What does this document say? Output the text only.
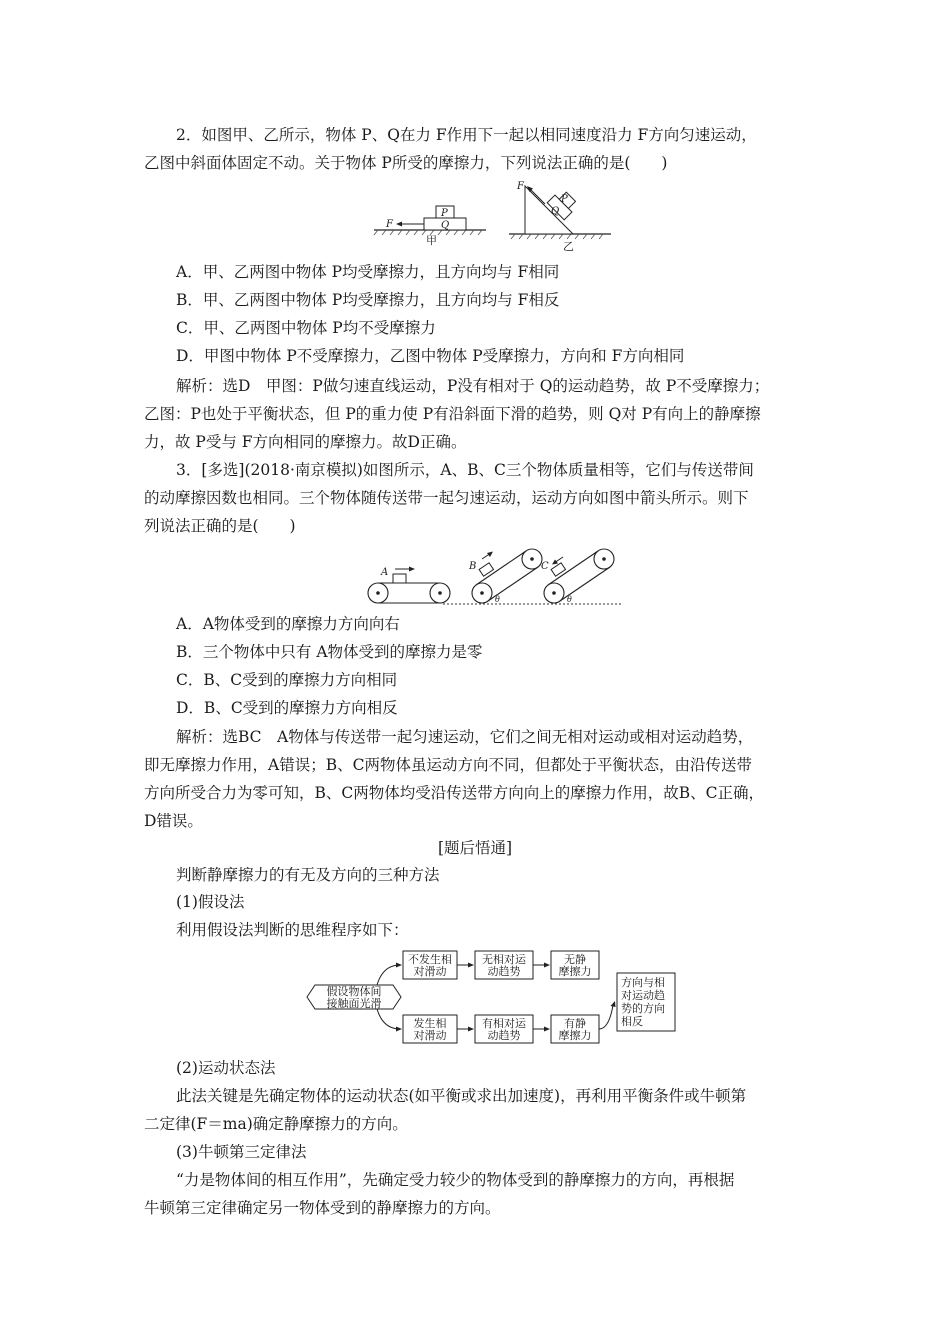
2．如图甲、乙所示，物体 P、Q在力 F作用下一起以相同速度沿力 F方向匀速运动，
乙图中斜面体固定不动。关于物体 P所受的摩擦力，下列说法正确的是(　　)
P
Q
F
甲
F
P
Q
乙
A．甲、乙两图中物体 P均受摩擦力，且方向均与 F相同
B．甲、乙两图中物体 P均受摩擦力，且方向均与 F相反
C．甲、乙两图中物体 P均不受摩擦力
D．甲图中物体 P不受摩擦力，乙图中物体 P受摩擦力，方向和 F方向相同
解析：选D　甲图：P做匀速直线运动，P没有相对于 Q的运动趋势，故 P不受摩擦力；
乙图：P也处于平衡状态，但 P的重力使 P有沿斜面下滑的趋势，则 Q对 P有向上的静摩擦
力，故 P受与 F方向相同的摩擦力。故D正确。
3．[多选](2018·南京模拟)如图所示，A、B、C三个物体质量相等，它们与传送带间
的动摩擦因数也相同。三个物体随传送带一起匀速运动，运动方向如图中箭头所示。则下
列说法正确的是(　　)
A
B
θ
C
θ
A．A物体受到的摩擦力方向向右
B．三个物体中只有 A物体受到的摩擦力是零
C．B、C受到的摩擦力方向相同
D．B、C受到的摩擦力方向相反
解析：选BC　A物体与传送带一起匀速运动，它们之间无相对运动或相对运动趋势，
即无摩擦力作用，A错误；B、C两物体虽运动方向不同，但都处于平衡状态，由沿传送带
方向所受合力为零可知，B、C两物体均受沿传送带方向向上的摩擦力作用，故B、C正确，
D错误。
[题后悟通]
判断静摩擦力的有无及方向的三种方法
(1)假设法
利用假设法判断的思维程序如下：
假设物体间
接触面光滑
不发生相
对滑动
无相对运
动趋势
无静
摩擦力
发生相
对滑动
有相对运
动趋势
有静
摩擦力
方向与相
对运动趋
势的方向
相反
(2)运动状态法
此法关键是先确定物体的运动状态(如平衡或求出加速度)，再利用平衡条件或牛顿第
二定律(F＝ma)确定静摩擦力的方向。
(3)牛顿第三定律法
“力是物体间的相互作用”，先确定受力较少的物体受到的静摩擦力的方向，再根据
牛顿第三定律确定另一物体受到的静摩擦力的方向。
